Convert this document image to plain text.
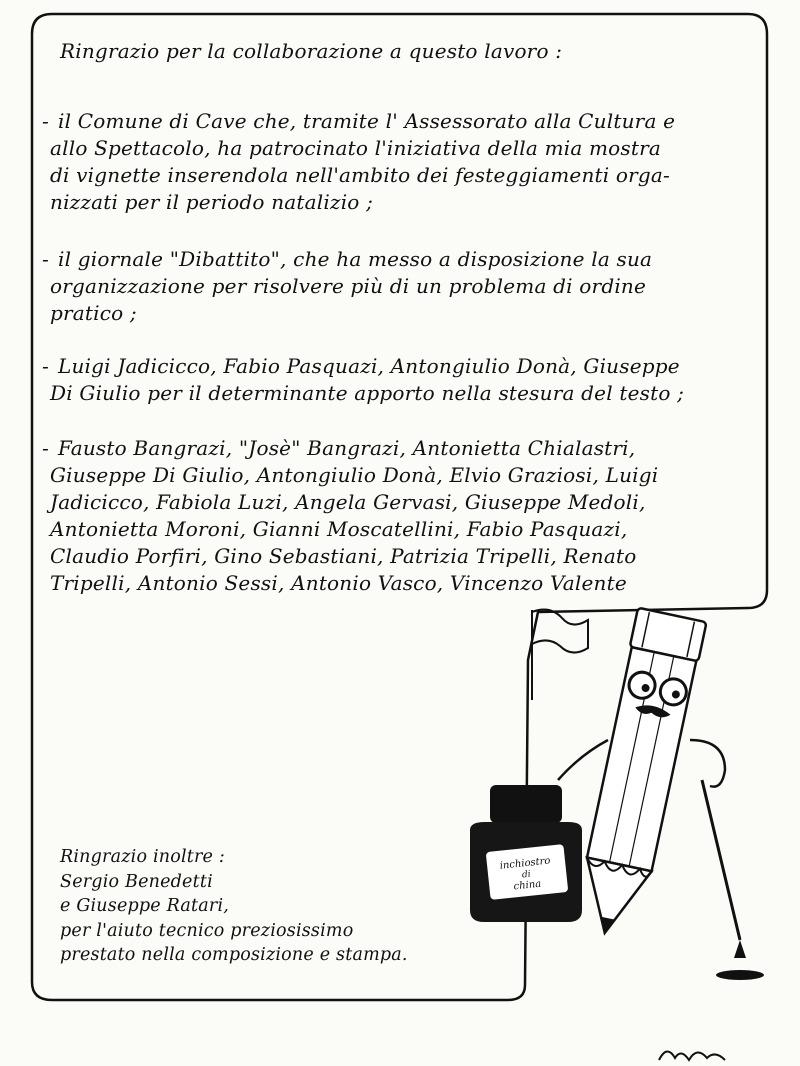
Ringrazio per la collaborazione a questo lavoro :
- il Comune di Cave che, tramite l' Assessorato alla Cultura e
allo Spettacolo, ha patrocinato l'iniziativa della mia mostra
di vignette inserendola nell'ambito dei festeggiamenti orga-
nizzati per il periodo natalizio ;
- il giornale "Dibattito", che ha messo a disposizione la sua
organizzazione per risolvere più di un problema di ordine
pratico ;
- Luigi Jadicicco, Fabio Pasquazi, Antongiulio Donà, Giuseppe
Di Giulio per il determinante apporto nella stesura del testo ;
- Fausto Bangrazi, "Josè" Bangrazi, Antonietta Chialastri,
Giuseppe Di Giulio, Antongiulio Donà, Elvio Graziosi, Luigi
Jadicicco, Fabiola Luzi, Angela Gervasi, Giuseppe Medoli,
Antonietta Moroni, Gianni Moscatellini, Fabio Pasquazi,
Claudio Porfiri, Gino Sebastiani, Patrizia Tripelli, Renato
Tripelli, Antonio Sessi, Antonio Vasco, Vincenzo Valente
Ringrazio inoltre :
Sergio Benedetti
e Giuseppe Ratari,
per l'aiuto tecnico preziosissimo
prestato nella composizione e stampa.
inchiostro
di
china
